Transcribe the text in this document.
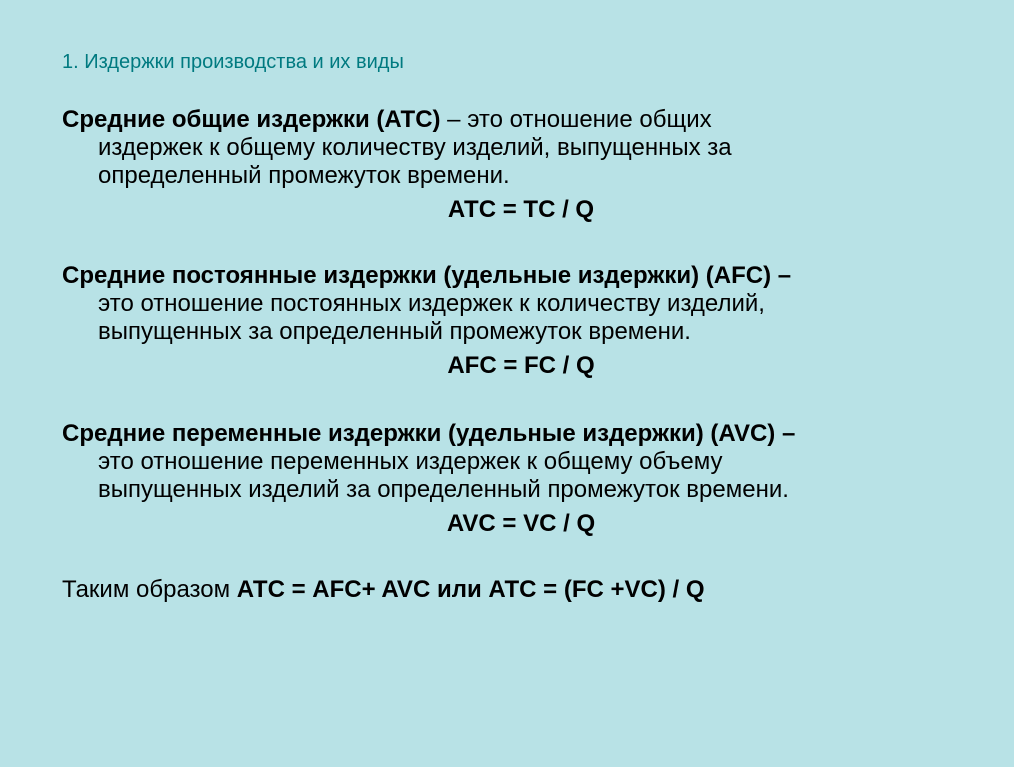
1. Издержки производства и их виды
Средние общие издержки (АТС) – это отношение общих
издержек к общему количеству изделий, выпущенных за
определенный промежуток времени.
АТС = ТС / Q
Средние постоянные издержки (удельные издержки) (AFC) –
это отношение постоянных издержек к количеству изделий,
выпущенных за определенный промежуток времени.
AFC = FC / Q
Средние переменные издержки (удельные издержки) (AVC) –
это отношение переменных издержек к общему объему
выпущенных изделий за определенный промежуток времени.
AVC = VC / Q
Таким образом АТС = AFC+ AVC или АТС = (FC +VC) / Q
